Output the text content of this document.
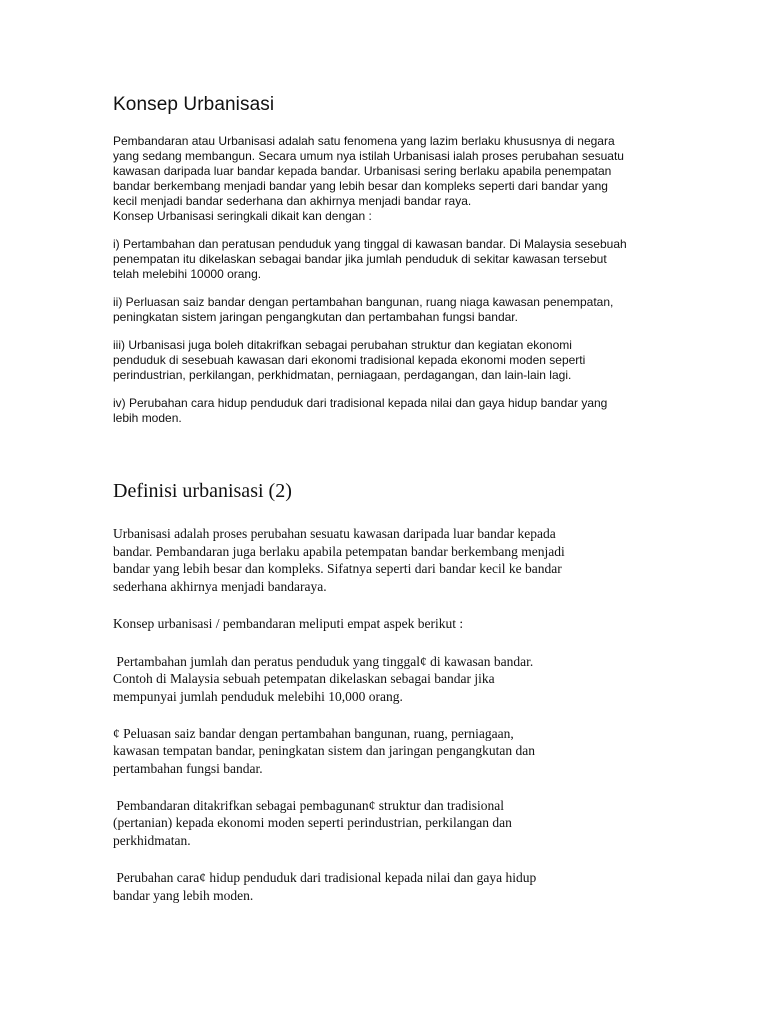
Konsep Urbanisasi

Pembandaran atau Urbanisasi adalah satu fenomena yang lazim berlaku khususnya di negara
yang sedang membangun. Secara umum nya istilah Urbanisasi ialah proses perubahan sesuatu
kawasan daripada luar bandar kepada bandar. Urbanisasi sering berlaku apabila penempatan
bandar berkembang menjadi bandar yang lebih besar dan kompleks seperti dari bandar yang
kecil menjadi bandar sederhana dan akhirnya menjadi bandar raya.
Konsep Urbanisasi seringkali dikait kan dengan :

i) Pertambahan dan peratusan penduduk yang tinggal di kawasan bandar. Di Malaysia sesebuah
penempatan itu dikelaskan sebagai bandar jika jumlah penduduk di sekitar kawasan tersebut
telah melebihi 10000 orang.

ii) Perluasan saiz bandar dengan pertambahan bangunan, ruang niaga kawasan penempatan,
peningkatan sistem jaringan pengangkutan dan pertambahan fungsi bandar.

iii) Urbanisasi juga boleh ditakrifkan sebagai perubahan struktur dan kegiatan ekonomi
penduduk di sesebuah kawasan dari ekonomi tradisional kepada ekonomi moden seperti
perindustrian, perkilangan, perkhidmatan, perniagaan, perdagangan, dan lain-lain lagi.

iv) Perubahan cara hidup penduduk dari tradisional kepada nilai dan gaya hidup bandar yang
lebih moden.

Definisi urbanisasi (2)

Urbanisasi adalah proses perubahan sesuatu kawasan daripada luar bandar kepada
bandar. Pembandaran juga berlaku apabila petempatan bandar berkembang menjadi
bandar yang lebih besar dan kompleks. Sifatnya seperti dari bandar kecil ke bandar
sederhana akhirnya menjadi bandaraya.

Konsep urbanisasi / pembandaran meliputi empat aspek berikut :

Pertambahan jumlah dan peratus penduduk yang tinggal¢ di kawasan bandar.
Contoh di Malaysia sebuah petempatan dikelaskan sebagai bandar jika
mempunyai jumlah penduduk melebihi 10,000 orang.

¢ Peluasan saiz bandar dengan pertambahan bangunan, ruang, perniagaan,
kawasan tempatan bandar, peningkatan sistem dan jaringan pengangkutan dan
pertambahan fungsi bandar.

Pembandaran ditakrifkan sebagai pembagunan¢ struktur dan tradisional
(pertanian) kepada ekonomi moden seperti perindustrian, perkilangan dan
perkhidmatan.

Perubahan cara¢ hidup penduduk dari tradisional kepada nilai dan gaya hidup
bandar yang lebih moden.
